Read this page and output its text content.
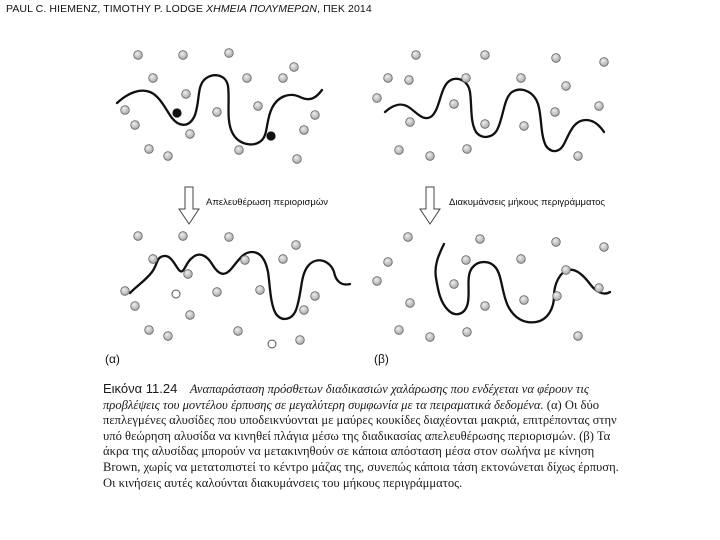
PAUL C. HIEMENZ, TIMOTHY P. LODGE ΧΗΜΕΙΑ ΠΟΛΥΜΕΡΩΝ, ΠΕΚ 2014
Απελευθέρωση περιορισμών	Διακυμάνσεις μήκους περιγράμματος
(α)	(β)

Εικόνα 11.24 Αναπαράσταση πρόσθετων διαδικασιών χαλάρωσης που ενδέχεται να φέρουν τις προβλέψεις του μοντέλου έρπυσης σε μεγαλύτερη συμφωνία με τα πειραματικά δεδομένα. (α) Οι δύο πεπλεγμένες αλυσίδες που υποδεικνύονται με μαύρες κουκίδες διαχέονται μακριά, επιτρέποντας στην υπό θεώρηση αλυσίδα να κινηθεί πλάγια μέσω της διαδικασίας απελευθέρωσης περιορισμών. (β) Τα άκρα της αλυσίδας μπορούν να μετακινηθούν σε κάποια απόσταση μέσα στον σωλήνα με κίνηση Brown, χωρίς να μετατοπιστεί το κέντρο μάζας της, συνεπώς κάποια τάση εκτονώνεται δίχως έρπυση. Οι κινήσεις αυτές καλούνται διακυμάνσεις του μήκους περιγράμματος.
